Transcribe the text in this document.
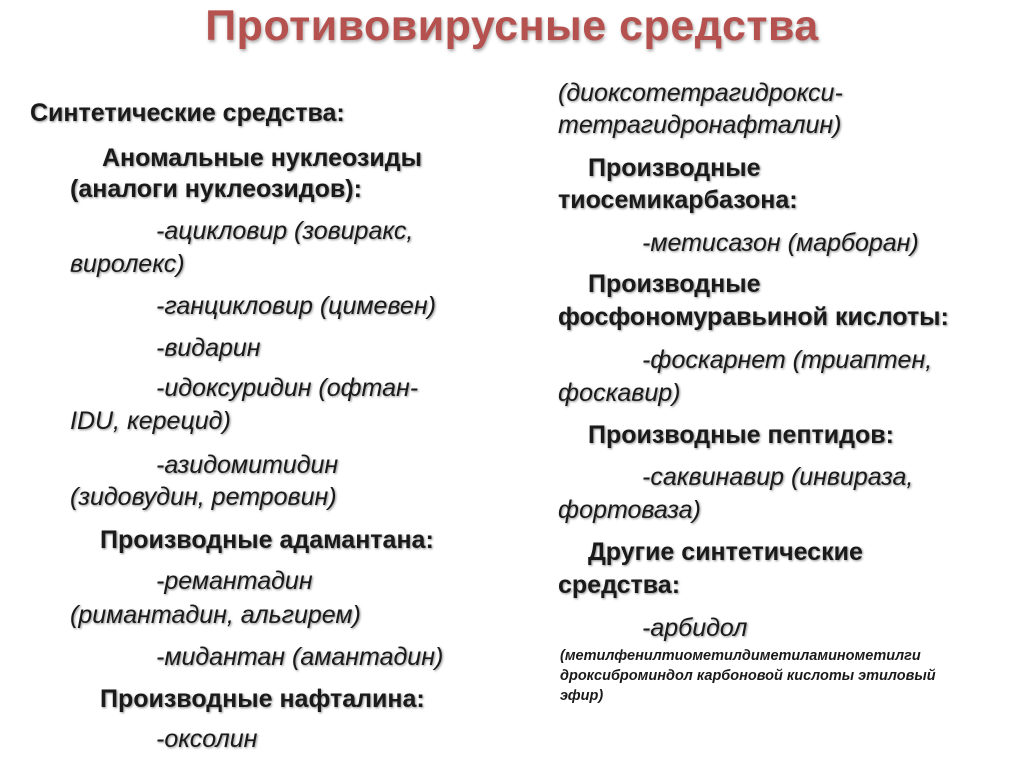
Противовирусные средства
Синтетические средства:
Аномальные нуклеозиды
(аналоги нуклеозидов):
-ацикловир (зовиракс,
виролекс)
-ганцикловир (цимевен)
-видарин
-идоксуридин (офтан-
IDU, керецид)
-азидомитидин
(зидовудин, ретровин)
Производные адамантана:
-ремантадин
(римантадин, альгирем)
-мидантан (амантадин)
Производные нафталина:
-оксолин
(диоксотетрагидрокси-
тетрагидронафталин)
Производные
тиосемикарбазона:
-метисазон (марборан)
Производные
фосфономуравьиной кислоты:
-фоскарнет (триаптен,
фоскавир)
Производные пептидов:
-саквинавир (инвираза,
фортоваза)
Другие синтетические
средства:
-арбидол
(метилфенилтиометилдиметиламинометилги
дроксиброминдол карбоновой кислоты этиловый
эфир)
